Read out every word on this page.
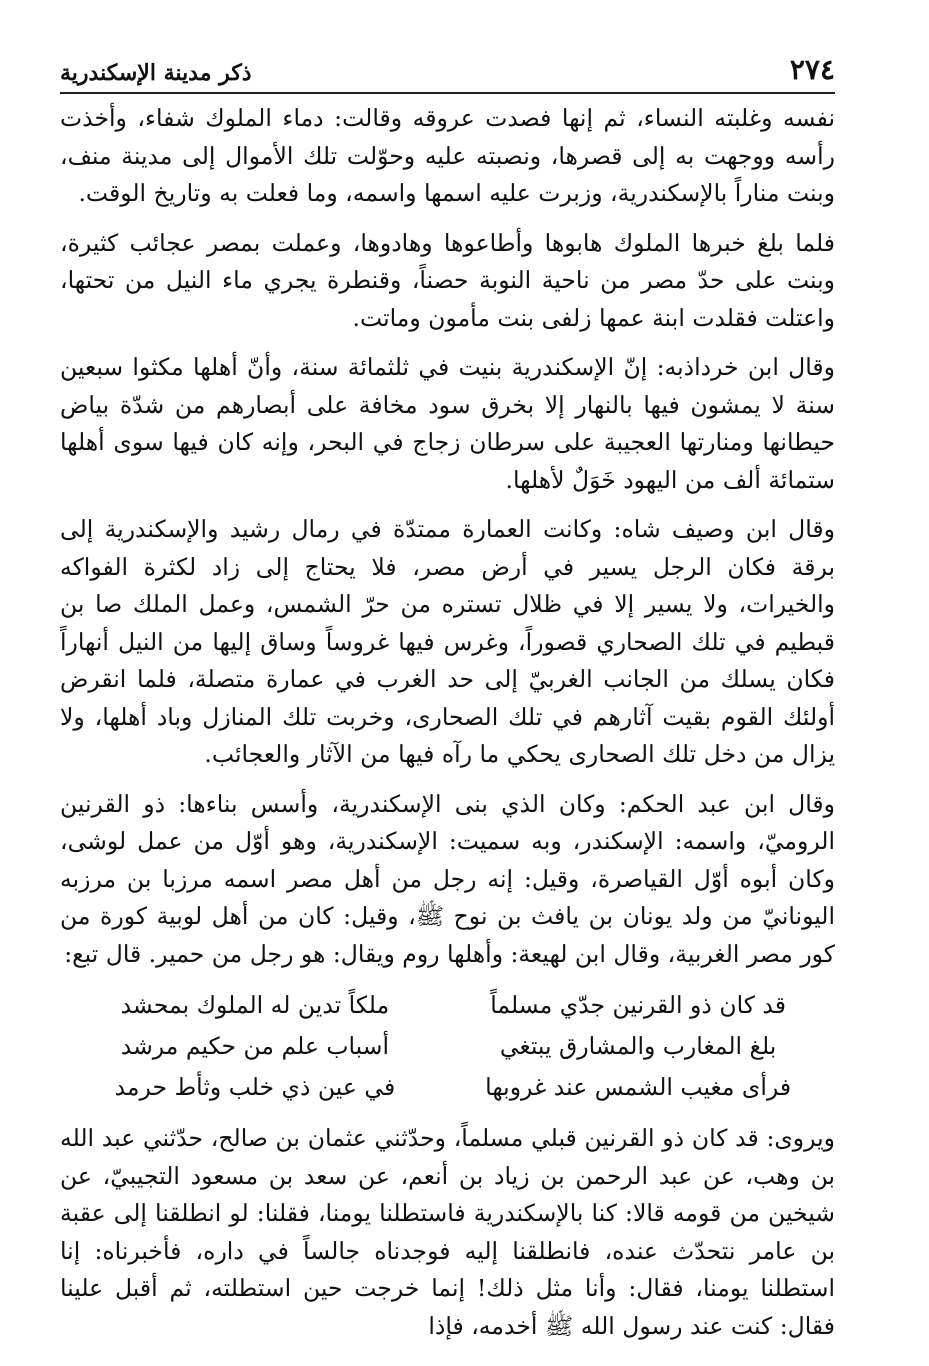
ذكر مدينة الإسكندرية	٢٧٤

نفسه وغلبته النساء، ثم إنها فصدت عروقه وقالت: دماء الملوك شفاء، وأخذت رأسه ووجهت به إلى قصرها، ونصبته عليه وحوّلت تلك الأموال إلى مدينة منف، وبنت مناراً بالإسكندرية، وزبرت عليه اسمها واسمه، وما فعلت به وتاريخ الوقت.

فلما بلغ خبرها الملوك هابوها وأطاعوها وهادوها، وعملت بمصر عجائب كثيرة، وبنت على حدّ مصر من ناحية النوبة حصناً، وقنطرة يجري ماء النيل من تحتها، واعتلت فقلدت ابنة عمها زلفى بنت مأمون وماتت.

وقال ابن خرداذبه: إنّ الإسكندرية بنيت في ثلثمائة سنة، وأنّ أهلها مكثوا سبعين سنة لا يمشون فيها بالنهار إلا بخرق سود مخافة على أبصارهم من شدّة بياض حيطانها ومنارتها العجيبة على سرطان زجاج في البحر، وإنه كان فيها سوى أهلها ستمائة ألف من اليهود خَوَلٌ لأهلها.

وقال ابن وصيف شاه: وكانت العمارة ممتدّة في رمال رشيد والإسكندرية إلى برقة فكان الرجل يسير في أرض مصر، فلا يحتاج إلى زاد لكثرة الفواكه والخيرات، ولا يسير إلا في ظلال تستره من حرّ الشمس، وعمل الملك صا بن قبطيم في تلك الصحاري قصوراً، وغرس فيها غروساً وساق إليها من النيل أنهاراً فكان يسلك من الجانب الغربيّ إلى حد الغرب في عمارة متصلة، فلما انقرض أولئك القوم بقيت آثارهم في تلك الصحارى، وخربت تلك المنازل وباد أهلها، ولا يزال من دخل تلك الصحارى يحكي ما رآه فيها من الآثار والعجائب.

وقال ابن عبد الحكم: وكان الذي بنى الإسكندرية، وأسس بناءها: ذو القرنين الروميّ، واسمه: الإسكندر، وبه سميت: الإسكندرية، وهو أوّل من عمل لوشى، وكان أبوه أوّل القياصرة، وقيل: إنه رجل من أهل مصر اسمه مرزبا بن مرزبه اليونانيّ من ولد يونان بن يافث بن نوح ﷺ، وقيل: كان من أهل لوبية كورة من كور مصر الغربية، وقال ابن لهيعة: وأهلها روم ويقال: هو رجل من حمير. قال تبع:

قد كان ذو القرنين جدّي مسلماً
ملكاً تدين له الملوك بمحشد
بلغ المغارب والمشارق يبتغي
أسباب علم من حكيم مرشد
فرأى مغيب الشمس عند غروبها
في عين ذي خلب وثأط حرمد

ويروى: قد كان ذو القرنين قبلي مسلماً، وحدّثني عثمان بن صالح، حدّثني عبد الله بن وهب، عن عبد الرحمن بن زياد بن أنعم، عن سعد بن مسعود التجيبيّ، عن شيخين من قومه قالا: كنا بالإسكندرية فاستطلنا يومنا، فقلنا: لو انطلقنا إلى عقبة بن عامر نتحدّث عنده، فانطلقنا إليه فوجدناه جالساً في داره، فأخبرناه: إنا استطلنا يومنا، فقال: وأنا مثل ذلك! إنما خرجت حين استطلته، ثم أقبل علينا فقال: كنت عند رسول الله ﷺ أخدمه، فإذا
